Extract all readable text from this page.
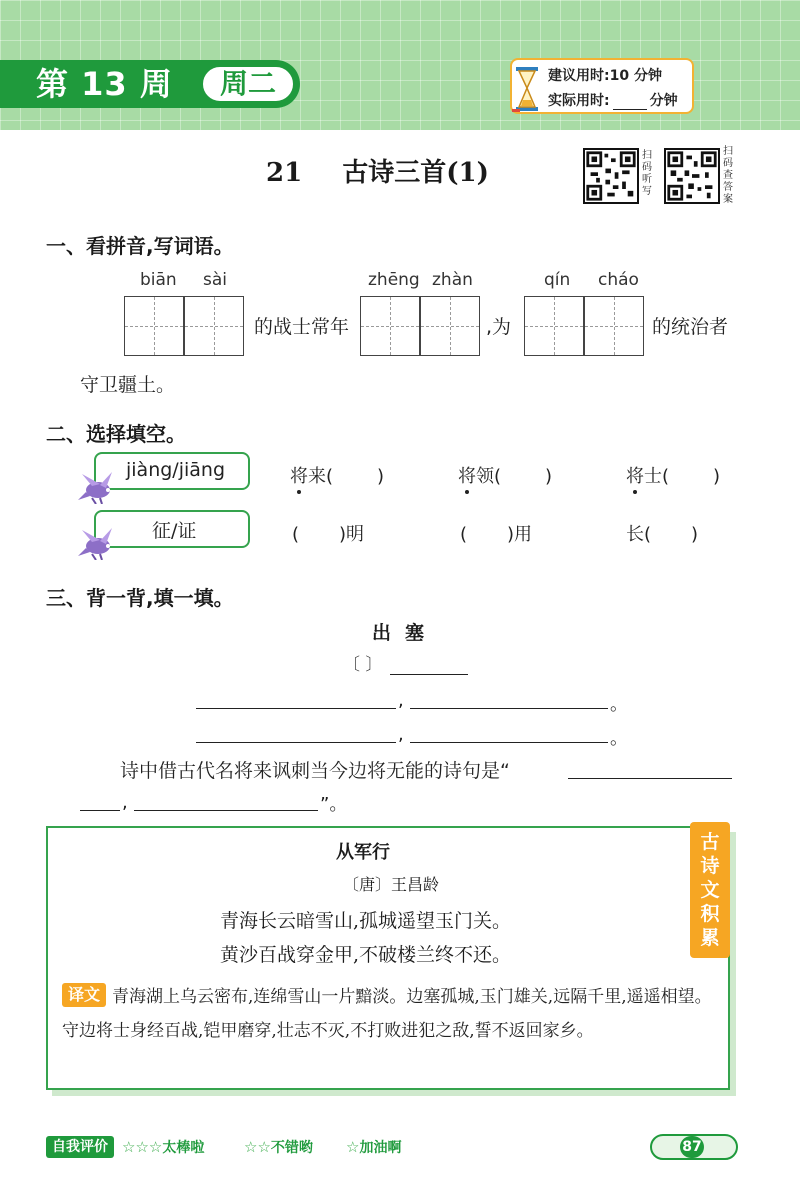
第 13 周	周二	建议用时:10 分钟
实际用时:	分钟
21 古诗三首(1)
扫码听写
扫码查答案
一、看拼音,写词语。
biān sài	zhēng zhàn	qín cháo
的战士常年	,为	的统治者
守卫疆土。
二、选择填空。
jiàng/jiāng	将来( )	将领( )	将士( )
征/证	( )明	( )用	长( )
三、背一背,填一填。
出塞
〔 〕
,	。
,	。
诗中借古代名将来讽刺当今边将无能的诗句是“
,	”。
古
诗
文
积
累
从军行
〔唐〕王昌龄
青海长云暗雪山,孤城遥望玉门关。
黄沙百战穿金甲,不破楼兰终不还。
青海湖上乌云密布,连绵雪山一片黯淡。边塞孤城,玉门雄关,远隔千里,遥遥相望。守边将士身经百战,铠甲磨穿,壮志不灭,不打败进犯之敌,誓不返回家乡。
译文
自我评价 ☆☆☆太棒啦	☆☆不错哟 ☆加油啊	87
